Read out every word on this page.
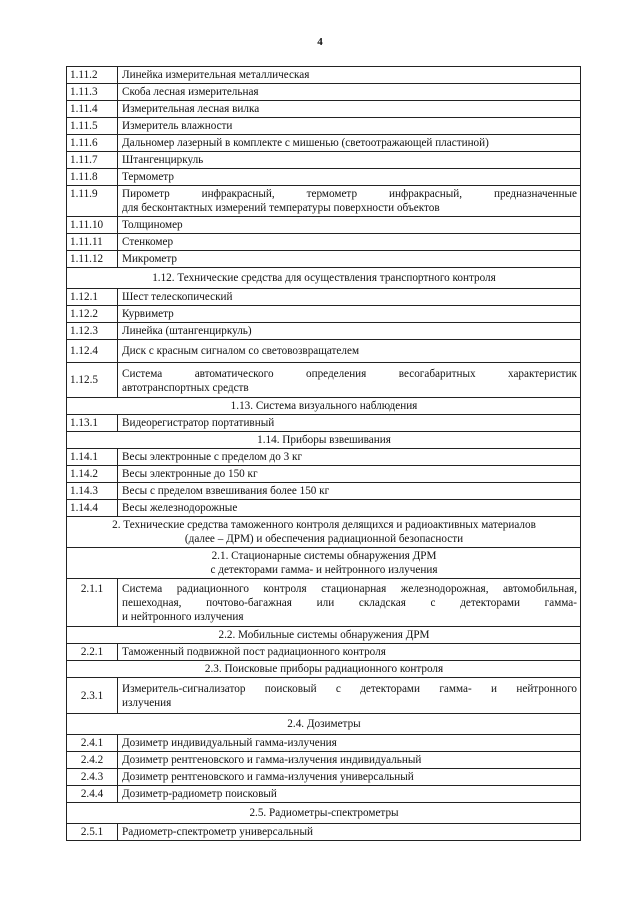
4
1.11.2	Линейка измерительная металлическая
1.11.3	Скоба лесная измерительная
1.11.4	Измерительная лесная вилка
1.11.5	Измеритель влажности
1.11.6	Дальномер лазерный в комплекте с мишенью (светоотражающей пластиной)
1.11.7	Штангенциркуль
1.11.8	Термометр
1.11.9	Пирометр инфракрасный, термометр инфракрасный, предназначенные
для бесконтактных измерений температуры поверхности объектов

1.11.10	Толщиномер
1.11.11	Стенкомер
1.11.12	Микрометр
1.12. Технические средства для осуществления транспортного контроля	
1.12.1	Шест телескопический
1.12.2	Курвиметр
1.12.3	Линейка (штангенциркуль)
1.12.4	Диск с красным сигналом со световозвращателем
1.12.5	Система автоматического определения весогабаритных характеристик
автотранспортных средств

1.13. Система визуального наблюдения	
1.13.1	Видеорегистратор портативный
1.14. Приборы взвешивания	
1.14.1	Весы электронные с пределом до 3 кг
1.14.2	Весы электронные до 150 кг
1.14.3	Весы с пределом взвешивания более 150 кг
1.14.4	Весы железнодорожные

2. Технические средства таможенного контроля делящихся и радиоактивных материалов
(далее – ДРМ) и обеспечения радиационной безопасности	

2.1. Стационарные системы обнаружения ДРМ
с детекторами гамма- и нейтронного излучения	

2.1.1	Система радиационного контроля стационарная железнодорожная, автомобильная,
пешеходная, почтово-багажная или складская с детекторами гамма-
и нейтронного излучения

2.2. Мобильные системы обнаружения ДРМ	
2.2.1	Таможенный подвижной пост радиационного контроля
2.3. Поисковые приборы радиационного контроля	
2.3.1	Измеритель-сигнализатор поисковый с детекторами гамма- и нейтронного
излучения

2.4. Дозиметры	
2.4.1	Дозиметр индивидуальный гамма-излучения
2.4.2	Дозиметр рентгеновского и гамма-излучения индивидуальный
2.4.3	Дозиметр рентгеновского и гамма-излучения универсальный
2.4.4	Дозиметр-радиометр поисковый
2.5. Радиометры-спектрометры	
2.5.1	Радиометр-спектрометр универсальный
